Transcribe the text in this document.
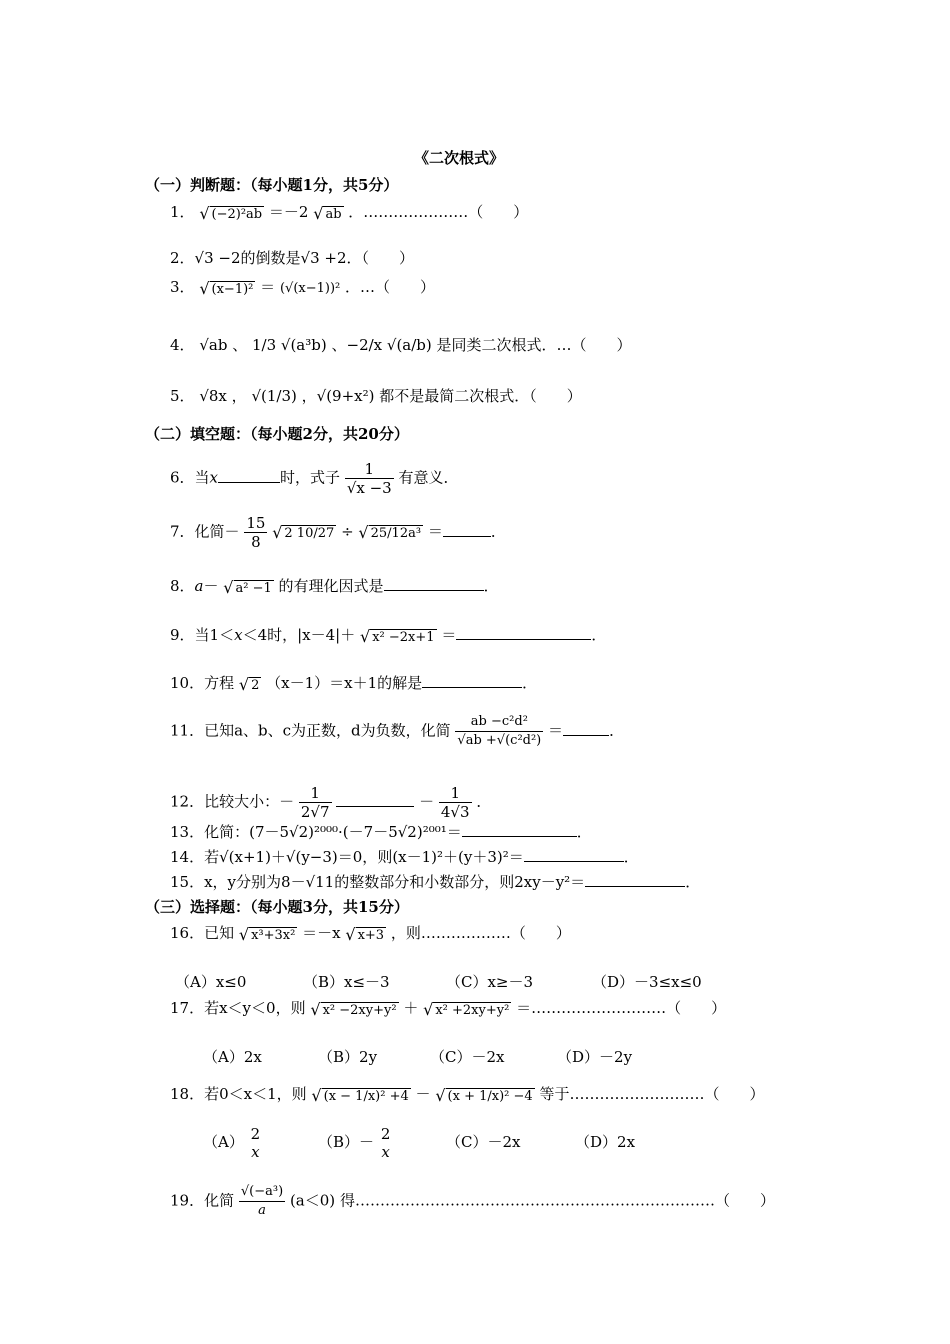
《二次根式》
（一）判断题：（每小题1分，共5分）
1． √ (−2)²ab ＝－2 √ ab ．…………………（　　）
2．√3 −2的倒数是√3 +2．（　　）
3． √ (x−1)² ＝ (√(x−1))² ．…（　　）
4． √ab 、 1/3 √(a³b) 、−2/x √(a/b) 是同类二次根式．…（　　）
5． √8x ， √(1/3) ，√(9+x²) 都不是最简二次根式．（　　）
（二）填空题：（每小题2分，共20分）
6．当x	时，式子 $\frac{1}{√x -3}$ 有意义．
7．化简－ $\frac{15}{8}$ √ 2 10/27 ÷ √ 25/12a³ ＝	．
8．a－ √ a² −1 的有理化因式是	．
9．当1＜x＜4时，|x－4|＋ √ x² −2x+1 ＝	．
10．方程 √ 2 （x－1）＝x＋1的解是	．
11．已知a、b、c为正数，d为负数，化简 $\frac{\text{ab −c²d²}}{\text{√ab +√(c²d²)}}$ ＝	．
12．比较大小：－ $\frac{1}{2√7}$	－ $\frac{1}{4√3}$ ．
13．化简：(7－5√2)²⁰⁰⁰·(－7－5√2)²⁰⁰¹＝	．
14．若√(x+1)＋√(y−3)＝0，则(x－1)²＋(y＋3)²＝	．
15．x，y分别为8－√11的整数部分和小数部分，则2xy－y²＝	．
（三）选择题：（每小题3分，共15分）
16．已知 √ x³+3x² ＝－x √ x+3 ，则………………（　　）
（A）x≤0	（B）x≤－3	（C）x≥－3	（D）－3≤x≤0
17．若x＜y＜0，则 √ x² −2xy+y² ＋ √ x² +2xy+y² ＝………………………（　　）
（A）2x	（B）2y	（C）－2x	（D）－2y
18．若0＜x＜1，则 √ (x − 1/x)² +4 － √ (x + 1/x)² −4 等于………………………（　　）
（A） 2
x
（B）－ 2
x
（C）－2x	（D）2x
19．化简 $\frac{\text{√(−a³)}}{a} (a<0)$ 得………………………………………………………………（　　）
